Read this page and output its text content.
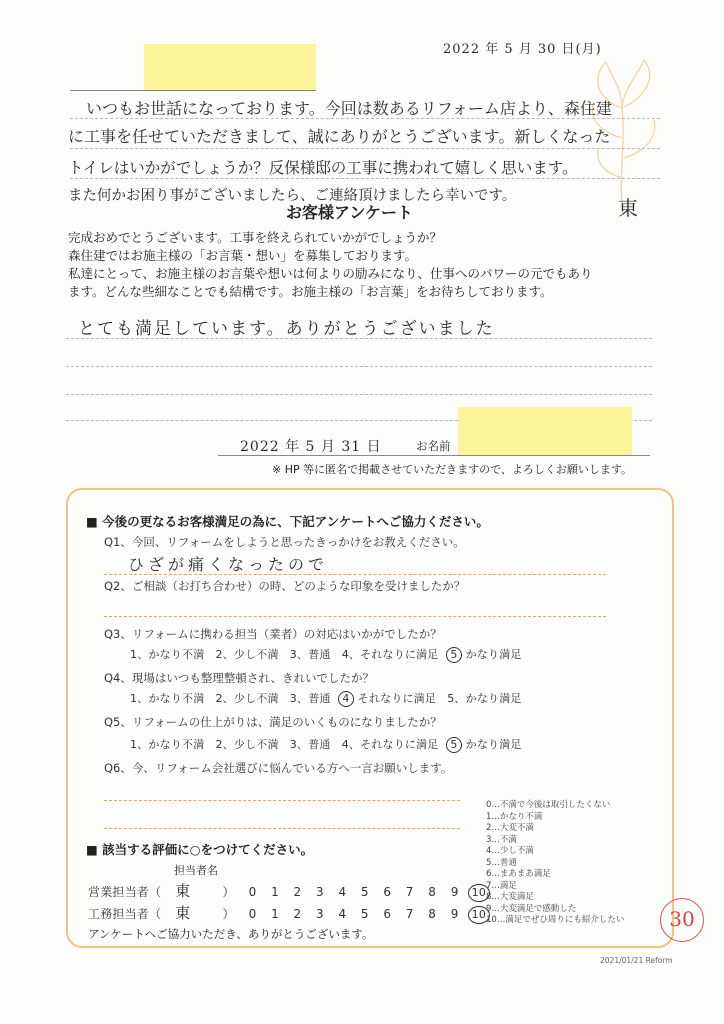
2022 年 5 月 30 日(月)
いつもお世話になっております。今回は数あるリフォーム店より、森住建
に工事を任せていただきまして、誠にありがとうございます。新しくなった
トイレはいかがでしょうか？反保様邸の工事に携われて嬉しく思います。
また何かお困り事がございましたら、ご連絡頂けましたら幸いです。	東
お客様アンケート
完成おめでとうございます。工事を終えられていかがでしょうか？
森住建ではお施主様の「お言葉・想い」を募集しております。
私達にとって、お施主様のお言葉や想いは何よりの励みになり、仕事へのパワーの元でもあり
ます。どんな些細なことでも結構です。お施主様の「お言葉」をお待ちしております。
とても満足しています。ありがとうございました
2022 年 5 月 31 日	お名前
※ HP 等に匿名で掲載させていただきますので、よろしくお願いします。
■ 今後の更なるお客様満足の為に、下記アンケートへご協力ください。
Q1、今回、リフォームをしようと思ったきっかけをお教えください。
ひざが痛くなったので
Q2、ご相談（お打ち合わせ）の時、どのような印象を受けましたか？
Q3、リフォームに携わる担当（業者）の対応はいかがでしたか？
1、かなり不満 2、少し不満 3、普通 4、それなりに満足 5 かなり満足
Q4、現場はいつも整理整頓され、きれいでしたか？
1、かなり不満 2、少し不満 3、普通 4 それなりに満足 5、かなり満足
Q5、リフォームの仕上がりは、満足のいくものになりましたか？
1、かなり不満 2、少し不満 3、普通 4、それなりに満足 5 かなり満足
Q6、今、リフォーム会社選びに悩んでいる方へ一言お願いします。
■ 該当する評価に○をつけてください。
担当者名
営業担当者（ 東	） 0 1 2 3 4 5 6 7 8 9 10
工務担当者（ 東	） 0 1 2 3 4 5 6 7 8 9 10
アンケートへご協力いただき、ありがとうございます。
0…不満で今後は取引したくない
1…かなり不満
2…大変不満
3…不満
4…少し不満
5…普通
6…まあまあ満足
7…満足
8…大変満足
9…大変満足で感動した
10…満足でぜひ周りにも紹介したい	30
2021/01/21 Reform
